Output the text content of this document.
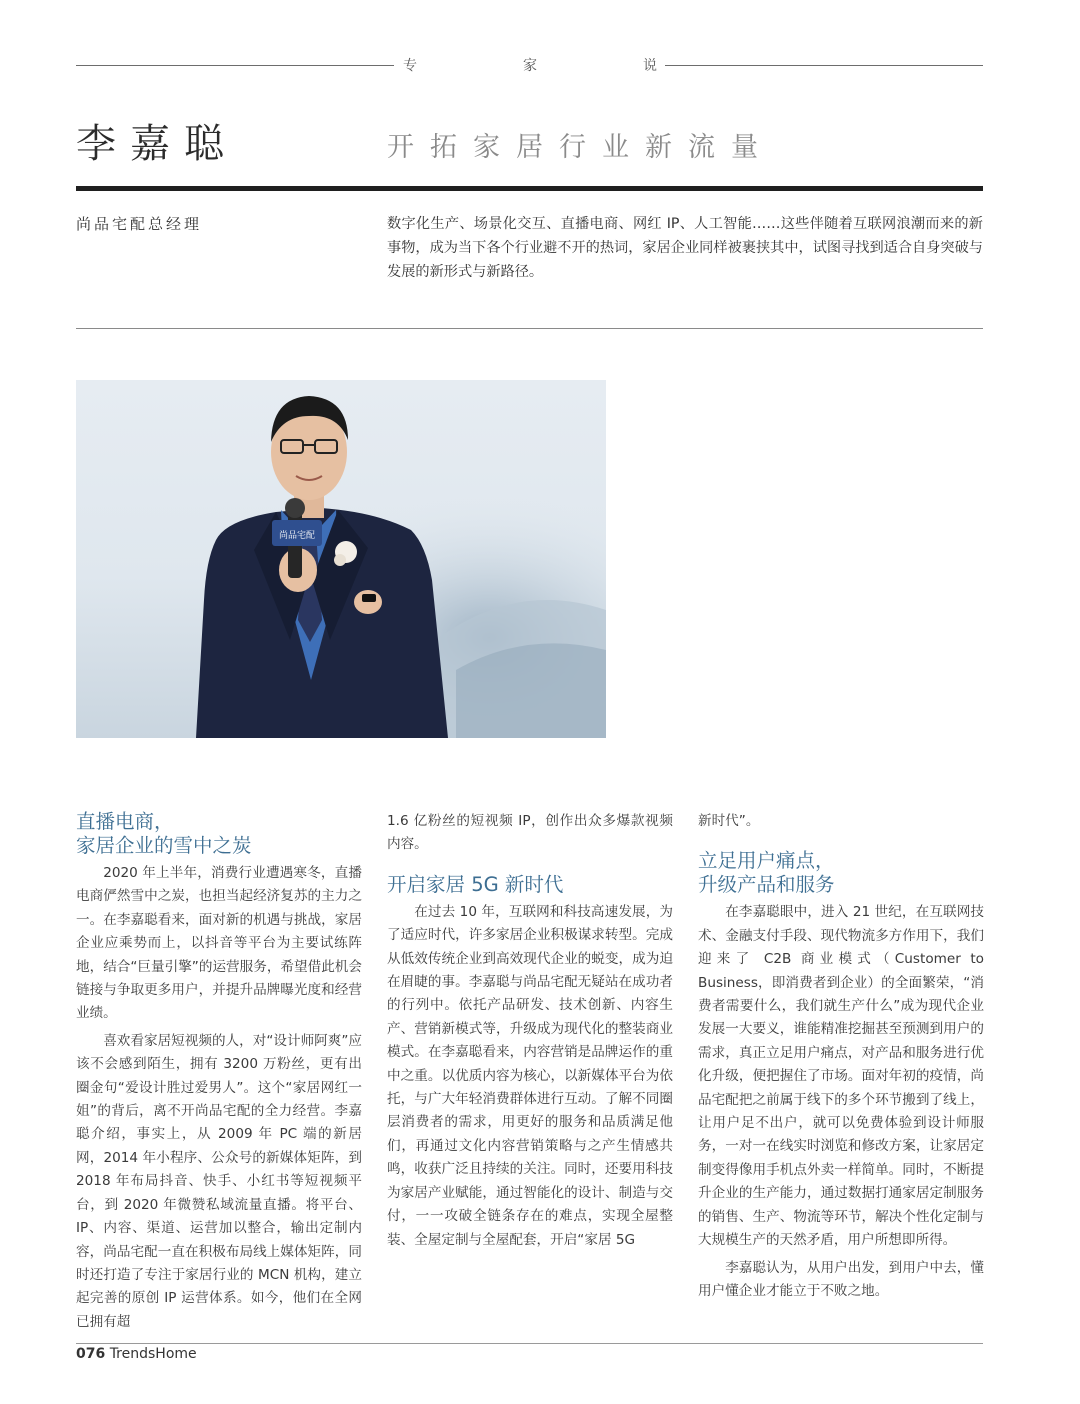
专	家	说
李嘉聪	开拓家居行业新流量
尚品宅配总经理	数字化生产、场景化交互、直播电商、网红 IP、人工智能……这些伴随着互联网浪潮而来的新事物，成为当下各个行业避不开的热词，家居企业同样被裹挟其中，试图寻找到适合自身突破与发展的新形式与新路径。

尚品宅配
直播电商，
家居企业的雪中之炭

2020 年上半年，消费行业遭遇寒冬，直播电商俨然雪中之炭，也担当起经济复苏的主力之一。在李嘉聪看来，面对新的机遇与挑战，家居企业应乘势而上，以抖音等平台为主要试练阵地，结合“巨量引擎”的运营服务，希望借此机会链接与争取更多用户，并提升品牌曝光度和经营业绩。

喜欢看家居短视频的人，对“设计师阿爽”应该不会感到陌生，拥有 3200 万粉丝，更有出圈金句“爱设计胜过爱男人”。这个“家居网红一姐”的背后，离不开尚品宅配的全力经营。李嘉聪介绍，事实上，从 2009 年 PC 端的新居网，2014 年小程序、公众号的新媒体矩阵，到 2018 年布局抖音、快手、小红书等短视频平台，到 2020 年微赞私域流量直播。将平台、IP、内容、渠道、运营加以整合，输出定制内容，尚品宅配一直在积极布局线上媒体矩阵，同时还打造了专注于家居行业的 MCN 机构，建立起完善的原创 IP 运营体系。如今，他们在全网已拥有超

1.6 亿粉丝的短视频 IP，创作出众多爆款视频内容。

开启家居 5G 新时代

在过去 10 年，互联网和科技高速发展，为了适应时代，许多家居企业积极谋求转型。完成从低效传统企业到高效现代企业的蜕变，成为迫在眉睫的事。李嘉聪与尚品宅配无疑站在成功者的行列中。依托产品研发、技术创新、内容生产、营销新模式等，升级成为现代化的整装商业模式。在李嘉聪看来，内容营销是品牌运作的重中之重。以优质内容为核心，以新媒体平台为依托，与广大年轻消费群体进行互动。了解不同圈层消费者的需求，用更好的服务和品质满足他们，再通过文化内容营销策略与之产生情感共鸣，收获广泛且持续的关注。同时，还要用科技为家居产业赋能，通过智能化的设计、制造与交付，一一攻破全链条存在的难点，实现全屋整装、全屋定制与全屋配套，开启“家居 5G

新时代”。

立足用户痛点，
升级产品和服务

在李嘉聪眼中，进入 21 世纪，在互联网技术、金融支付手段、现代物流多方作用下，我们迎来了 C2B 商业模式（Customer to Business，即消费者到企业）的全面繁荣，“消费者需要什么，我们就生产什么”成为现代企业发展一大要义，谁能精准挖掘甚至预测到用户的需求，真正立足用户痛点，对产品和服务进行优化升级，便把握住了市场。面对年初的疫情，尚品宅配把之前属于线下的多个环节搬到了线上，让用户足不出户，就可以免费体验到设计师服务，一对一在线实时浏览和修改方案，让家居定制变得像用手机点外卖一样简单。同时，不断提升企业的生产能力，通过数据打通家居定制服务的销售、生产、物流等环节，解决个性化定制与大规模生产的天然矛盾，用户所想即所得。

李嘉聪认为，从用户出发，到用户中去，懂用户懂企业才能立于不败之地。

076 TrendsHome
